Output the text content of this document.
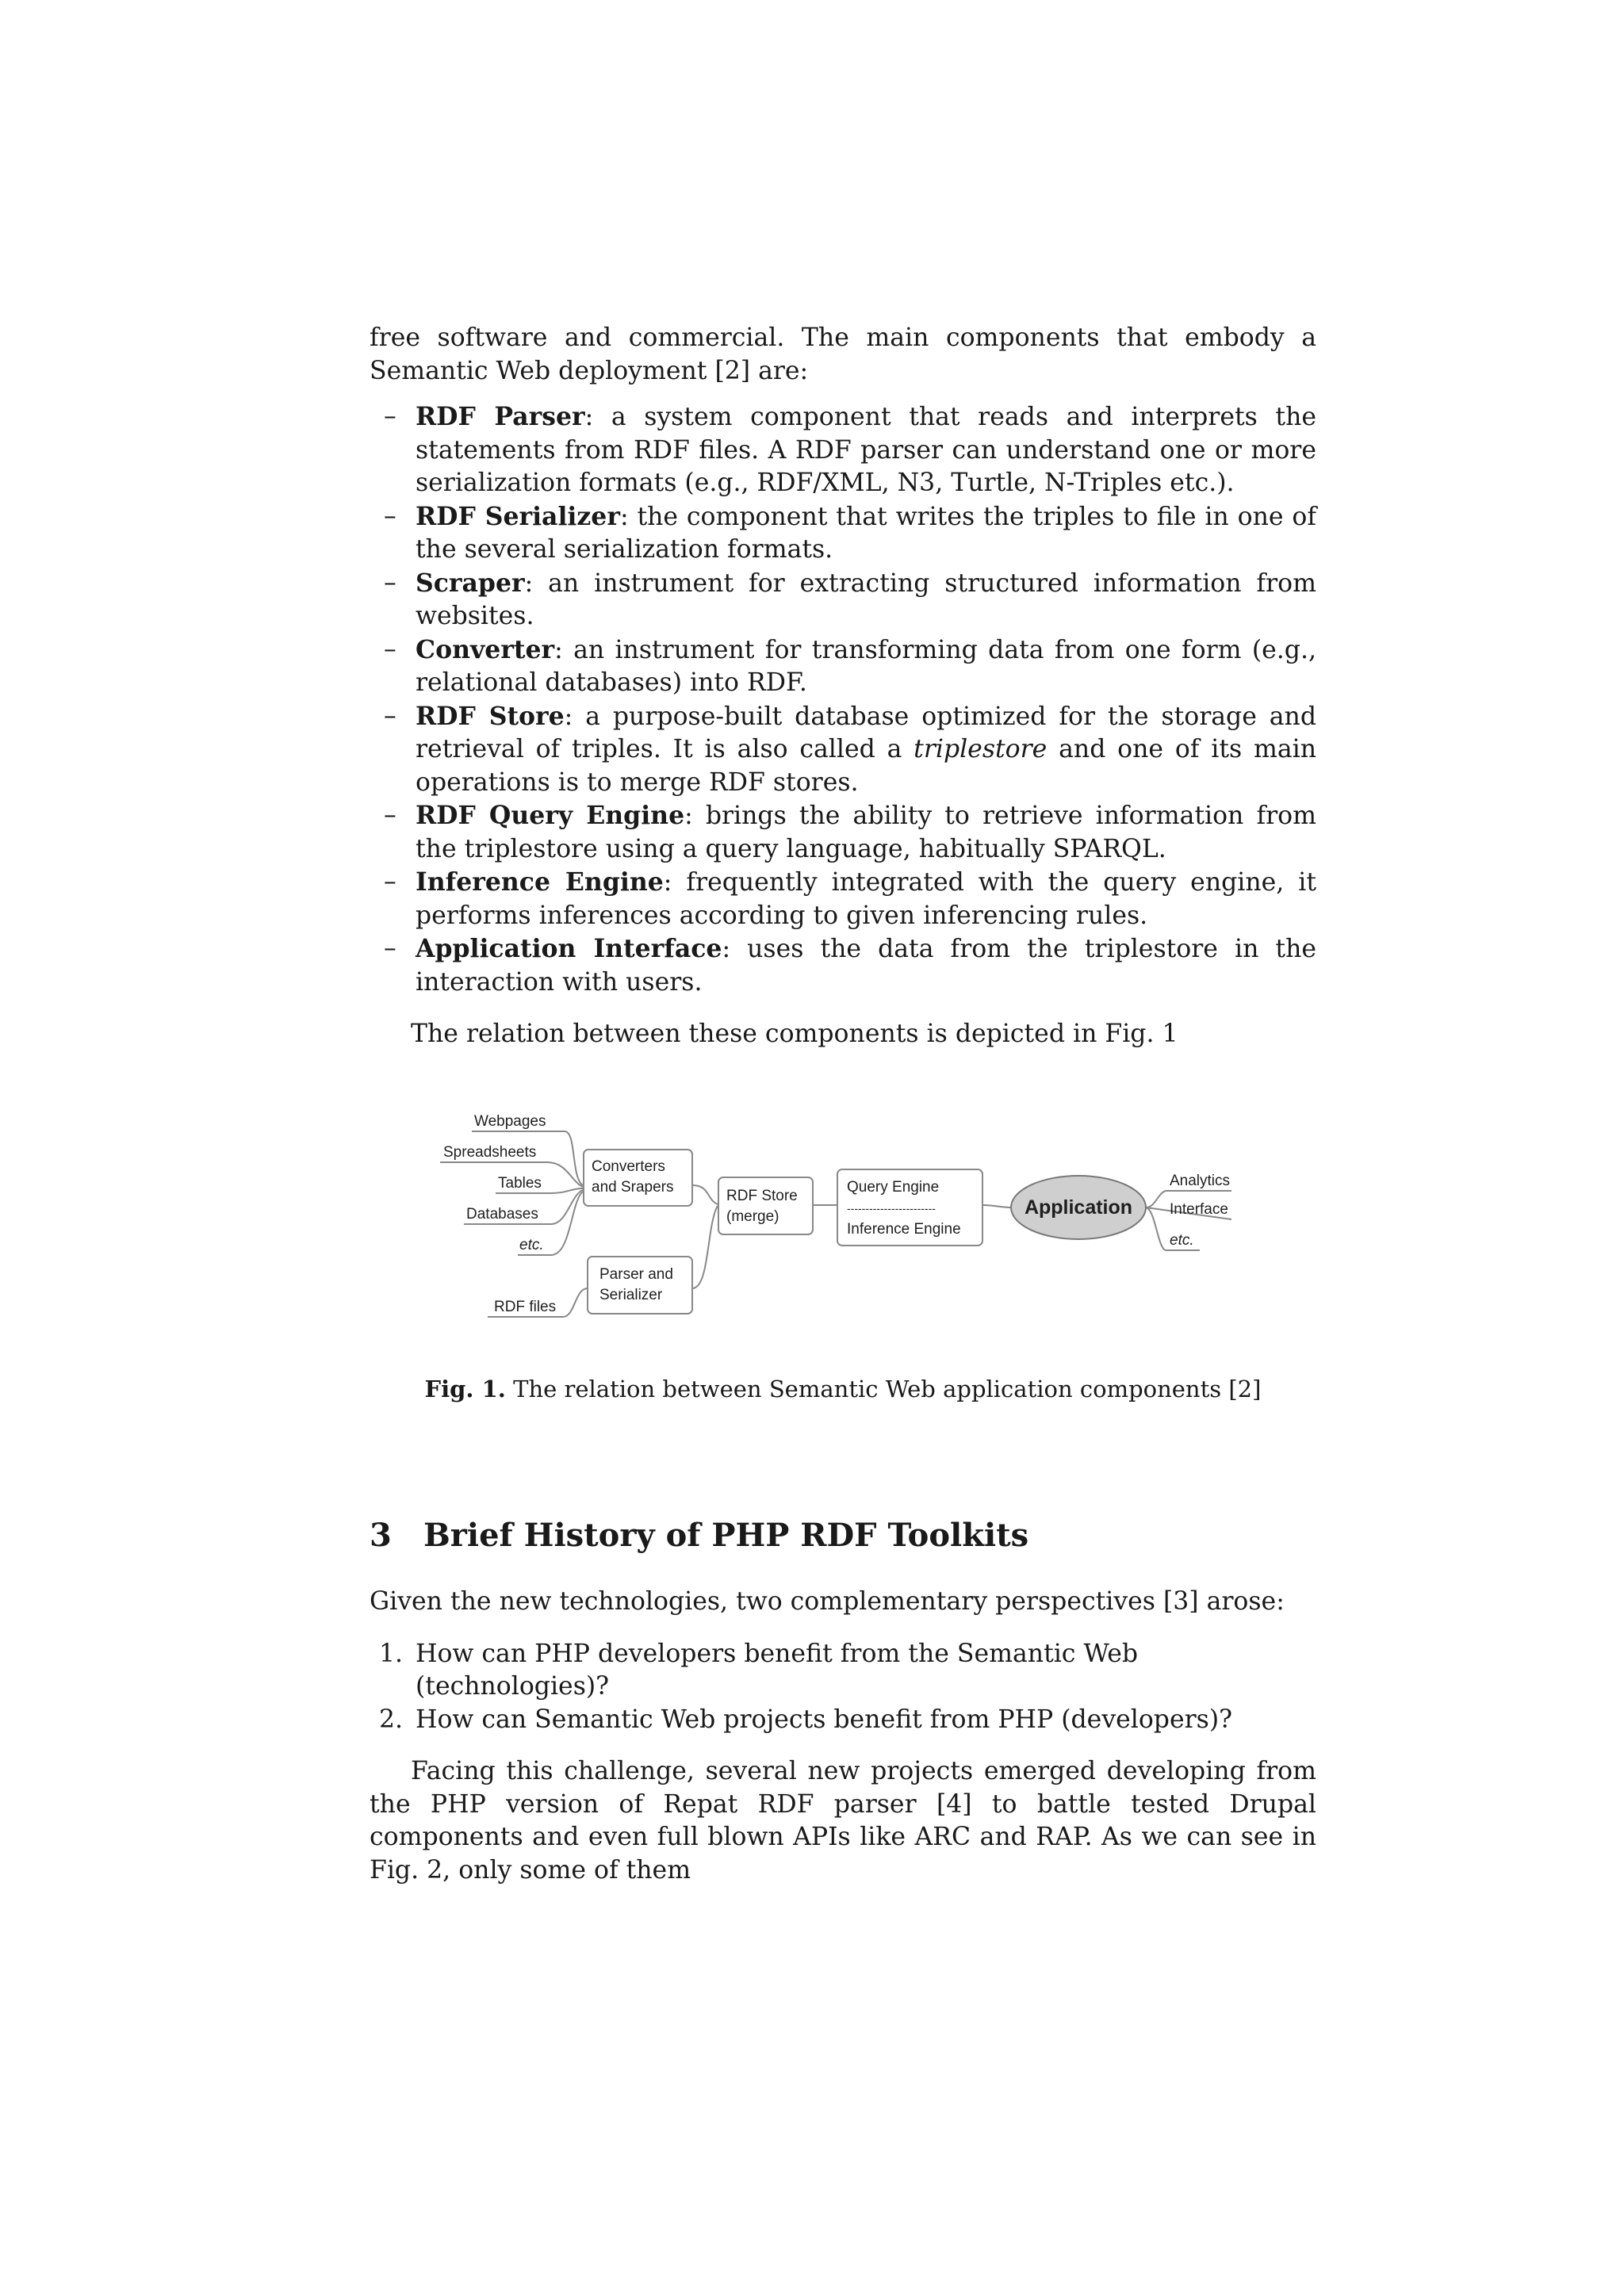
free software and commercial. The main components that embody a Semantic Web deployment [2] are:

– RDF Parser: a system component that reads and interprets the statements from RDF files. A RDF parser can understand one or more serialization formats (e.g., RDF/XML, N3, Turtle, N-Triples etc.).
– RDF Serializer: the component that writes the triples to file in one of the several serialization formats.
– Scraper: an instrument for extracting structured information from websites.
– Converter: an instrument for transforming data from one form (e.g., relational databases) into RDF.
– RDF Store: a purpose-built database optimized for the storage and retrieval of triples. It is also called a triplestore and one of its main operations is to merge RDF stores.
– RDF Query Engine: brings the ability to retrieve information from the triplestore using a query language, habitually SPARQL.
– Inference Engine: frequently integrated with the query engine, it performs inferences according to given inferencing rules.
– Application Interface: uses the data from the triplestore in the interaction with users.

The relation between these components is depicted in Fig. 1

Webpages
Spreadsheets
Tables
Databases
etc.
RDF files
Converters
and Srapers
Parser and
Serializer
RDF Store
(merge)
Query Engine
------------------------
Inference Engine
Application
Analytics
Interface
etc.
Fig. 1. The relation between Semantic Web application components [2]
3 Brief History of PHP RDF Toolkits

Given the new technologies, two complementary perspectives [3] arose:

1. How can PHP developers benefit from the Semantic Web (technologies)?
2. How can Semantic Web projects benefit from PHP (developers)?

Facing this challenge, several new projects emerged developing from the PHP version of Repat RDF parser [4] to battle tested Drupal components and even full blown APIs like ARC and RAP. As we can see in Fig. 2, only some of them
